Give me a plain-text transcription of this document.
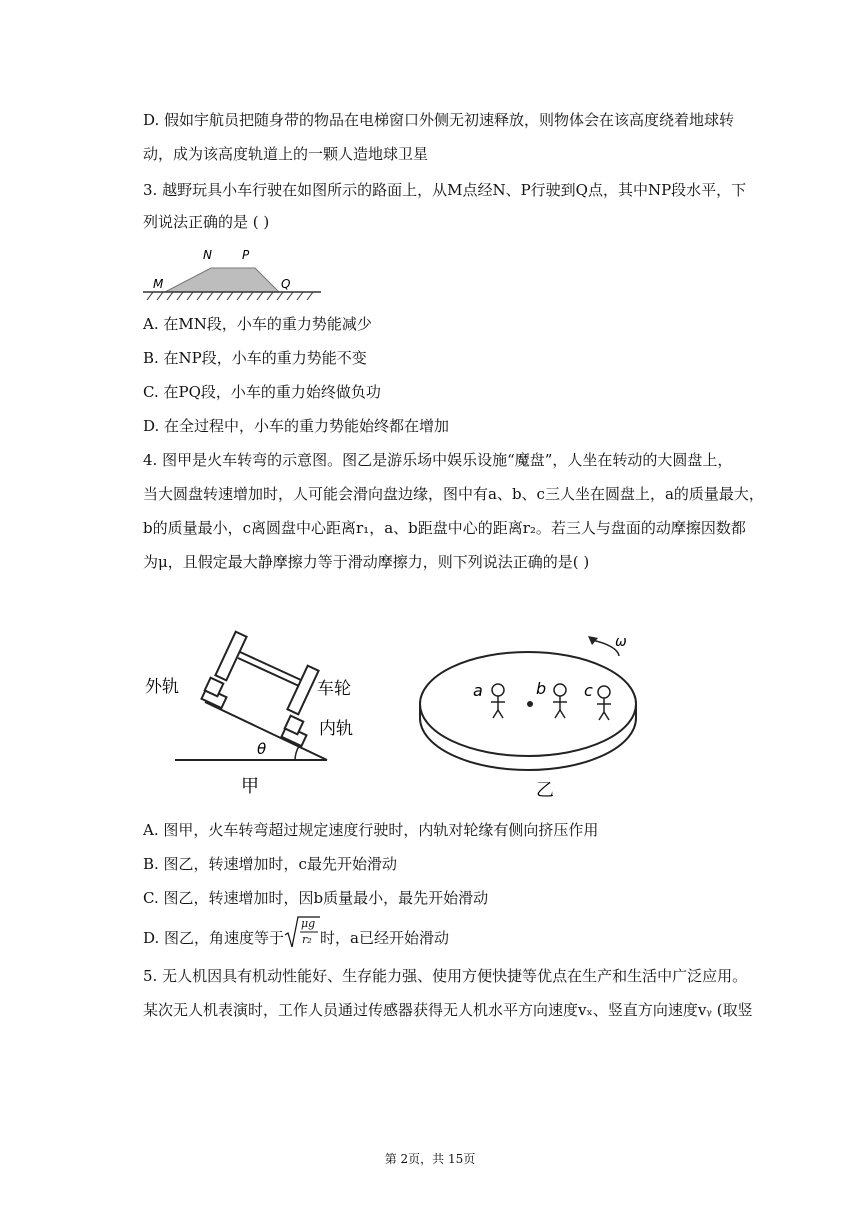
D. 假如宇航员把随身带的物品在电梯窗口外侧无初速释放，则物体会在该高度绕着地球转
动，成为该高度轨道上的一颗人造地球卫星
3. 越野玩具小车行驶在如图所示的路面上，从M点经N、P行驶到Q点，其中NP段水平，下
列说法正确的是 ( )
N	P
M	Q
A. 在MN段，小车的重力势能减少
B. 在NP段，小车的重力势能不变
C. 在PQ段，小车的重力始终做负功
D. 在全过程中，小车的重力势能始终都在增加
4. 图甲是火车转弯的示意图。图乙是游乐场中娱乐设施“魔盘”，人坐在转动的大圆盘上，
当大圆盘转速增加时，人可能会滑向盘边缘，图中有a、b、c三人坐在圆盘上，a的质量最大，
b的质量最小，c离圆盘中心距离r₁，a、b距盘中心的距离r₂。若三人与盘面的动摩擦因数都
为μ，且假定最大静摩擦力等于滑动摩擦力，则下列说法正确的是( )
θ
外轨	车轮
内轨
甲
ω
a	b c
乙
A. 图甲，火车转弯超过规定速度行驶时，内轨对轮缘有侧向挤压作用
B. 图乙，转速增加时，c最先开始滑动
C. 图乙，转速增加时，因b质量最小，最先开始滑动
D. 图乙，角速度等于
μg
r₂ 时，a已经开始滑动
5. 无人机因具有机动性能好、生存能力强、使用方便快捷等优点在生产和生活中广泛应用。
某次无人机表演时，工作人员通过传感器获得无人机水平方向速度vₓ、竖直方向速度vᵧ (取竖
第 2页，共 15页
